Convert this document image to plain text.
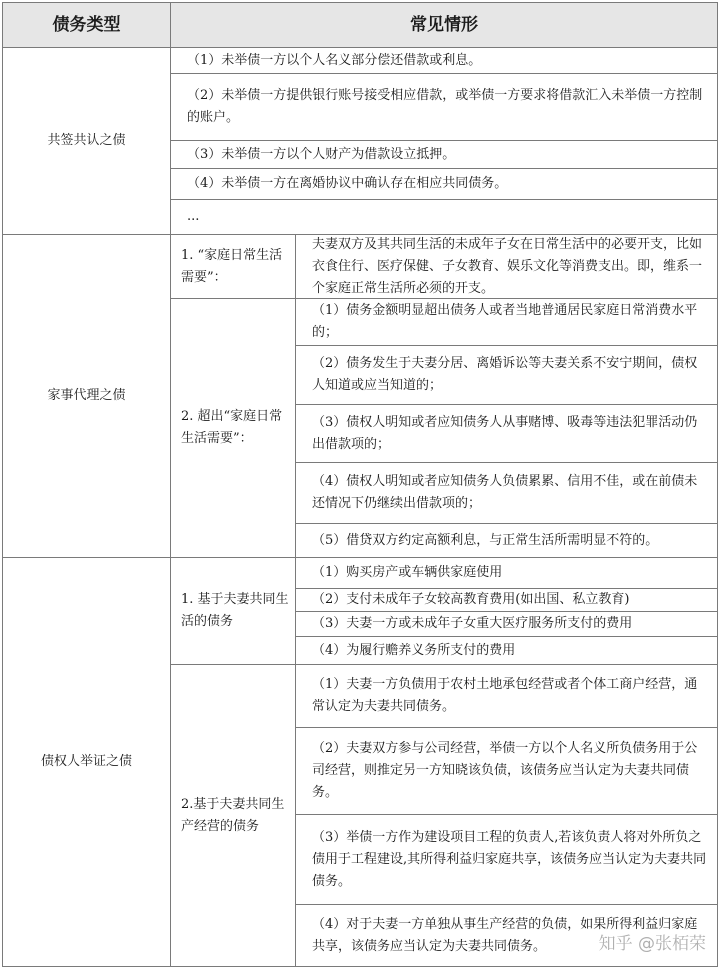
债务类型	常见情形
共签共认之债
（1）未举债一方以个人名义部分偿还借款或利息。
（2）未举债一方提供银行账号接受相应借款，或举债一方要求将借款汇入未举债一方控制的账户。
（3）未举债一方以个人财产为借款设立抵押。
（4）未举债一方在离婚协议中确认存在相应共同债务。
...
家事代理之债
1. “家庭日常生活需要”：
夫妻双方及其共同生活的未成年子女在日常生活中的必要开支，比如衣食住行、医疗保健、子女教育、娱乐文化等消费支出。即，维系一个家庭正常生活所必须的开支。
2. 超出“家庭日常生活需要”：
（1）债务金额明显超出债务人或者当地普通居民家庭日常消费水平的；
（2）债务发生于夫妻分居、离婚诉讼等夫妻关系不安宁期间，债权人知道或应当知道的；
（3）债权人明知或者应知债务人从事赌博、吸毒等违法犯罪活动仍出借款项的；
（4）债权人明知或者应知债务人负债累累、信用不佳，或在前债未还情况下仍继续出借款项的；
（5）借贷双方约定高额利息，与正常生活所需明显不符的。
债权人举证之债
1. 基于夫妻共同生活的债务
（1）购买房产或车辆供家庭使用
（2）支付未成年子女较高教育费用(如出国、私立教育)
（3）夫妻一方或未成年子女重大医疗服务所支付的费用
（4）为履行赡养义务所支付的费用
2.基于夫妻共同生产经营的债务
（1）夫妻一方负债用于农村土地承包经营或者个体工商户经营，通常认定为夫妻共同债务。
（2）夫妻双方参与公司经营，举债一方以个人名义所负债务用于公司经营，则推定另一方知晓该负债，该债务应当认定为夫妻共同债务。
（3）举债一方作为建设项目工程的负责人,若该负责人将对外所负之债用于工程建设,其所得利益归家庭共享，该债务应当认定为夫妻共同债务。
（4）对于夫妻一方单独从事生产经营的负债，如果所得利益归家庭共享，该债务应当认定为夫妻共同债务。	知乎 @张栢荣
